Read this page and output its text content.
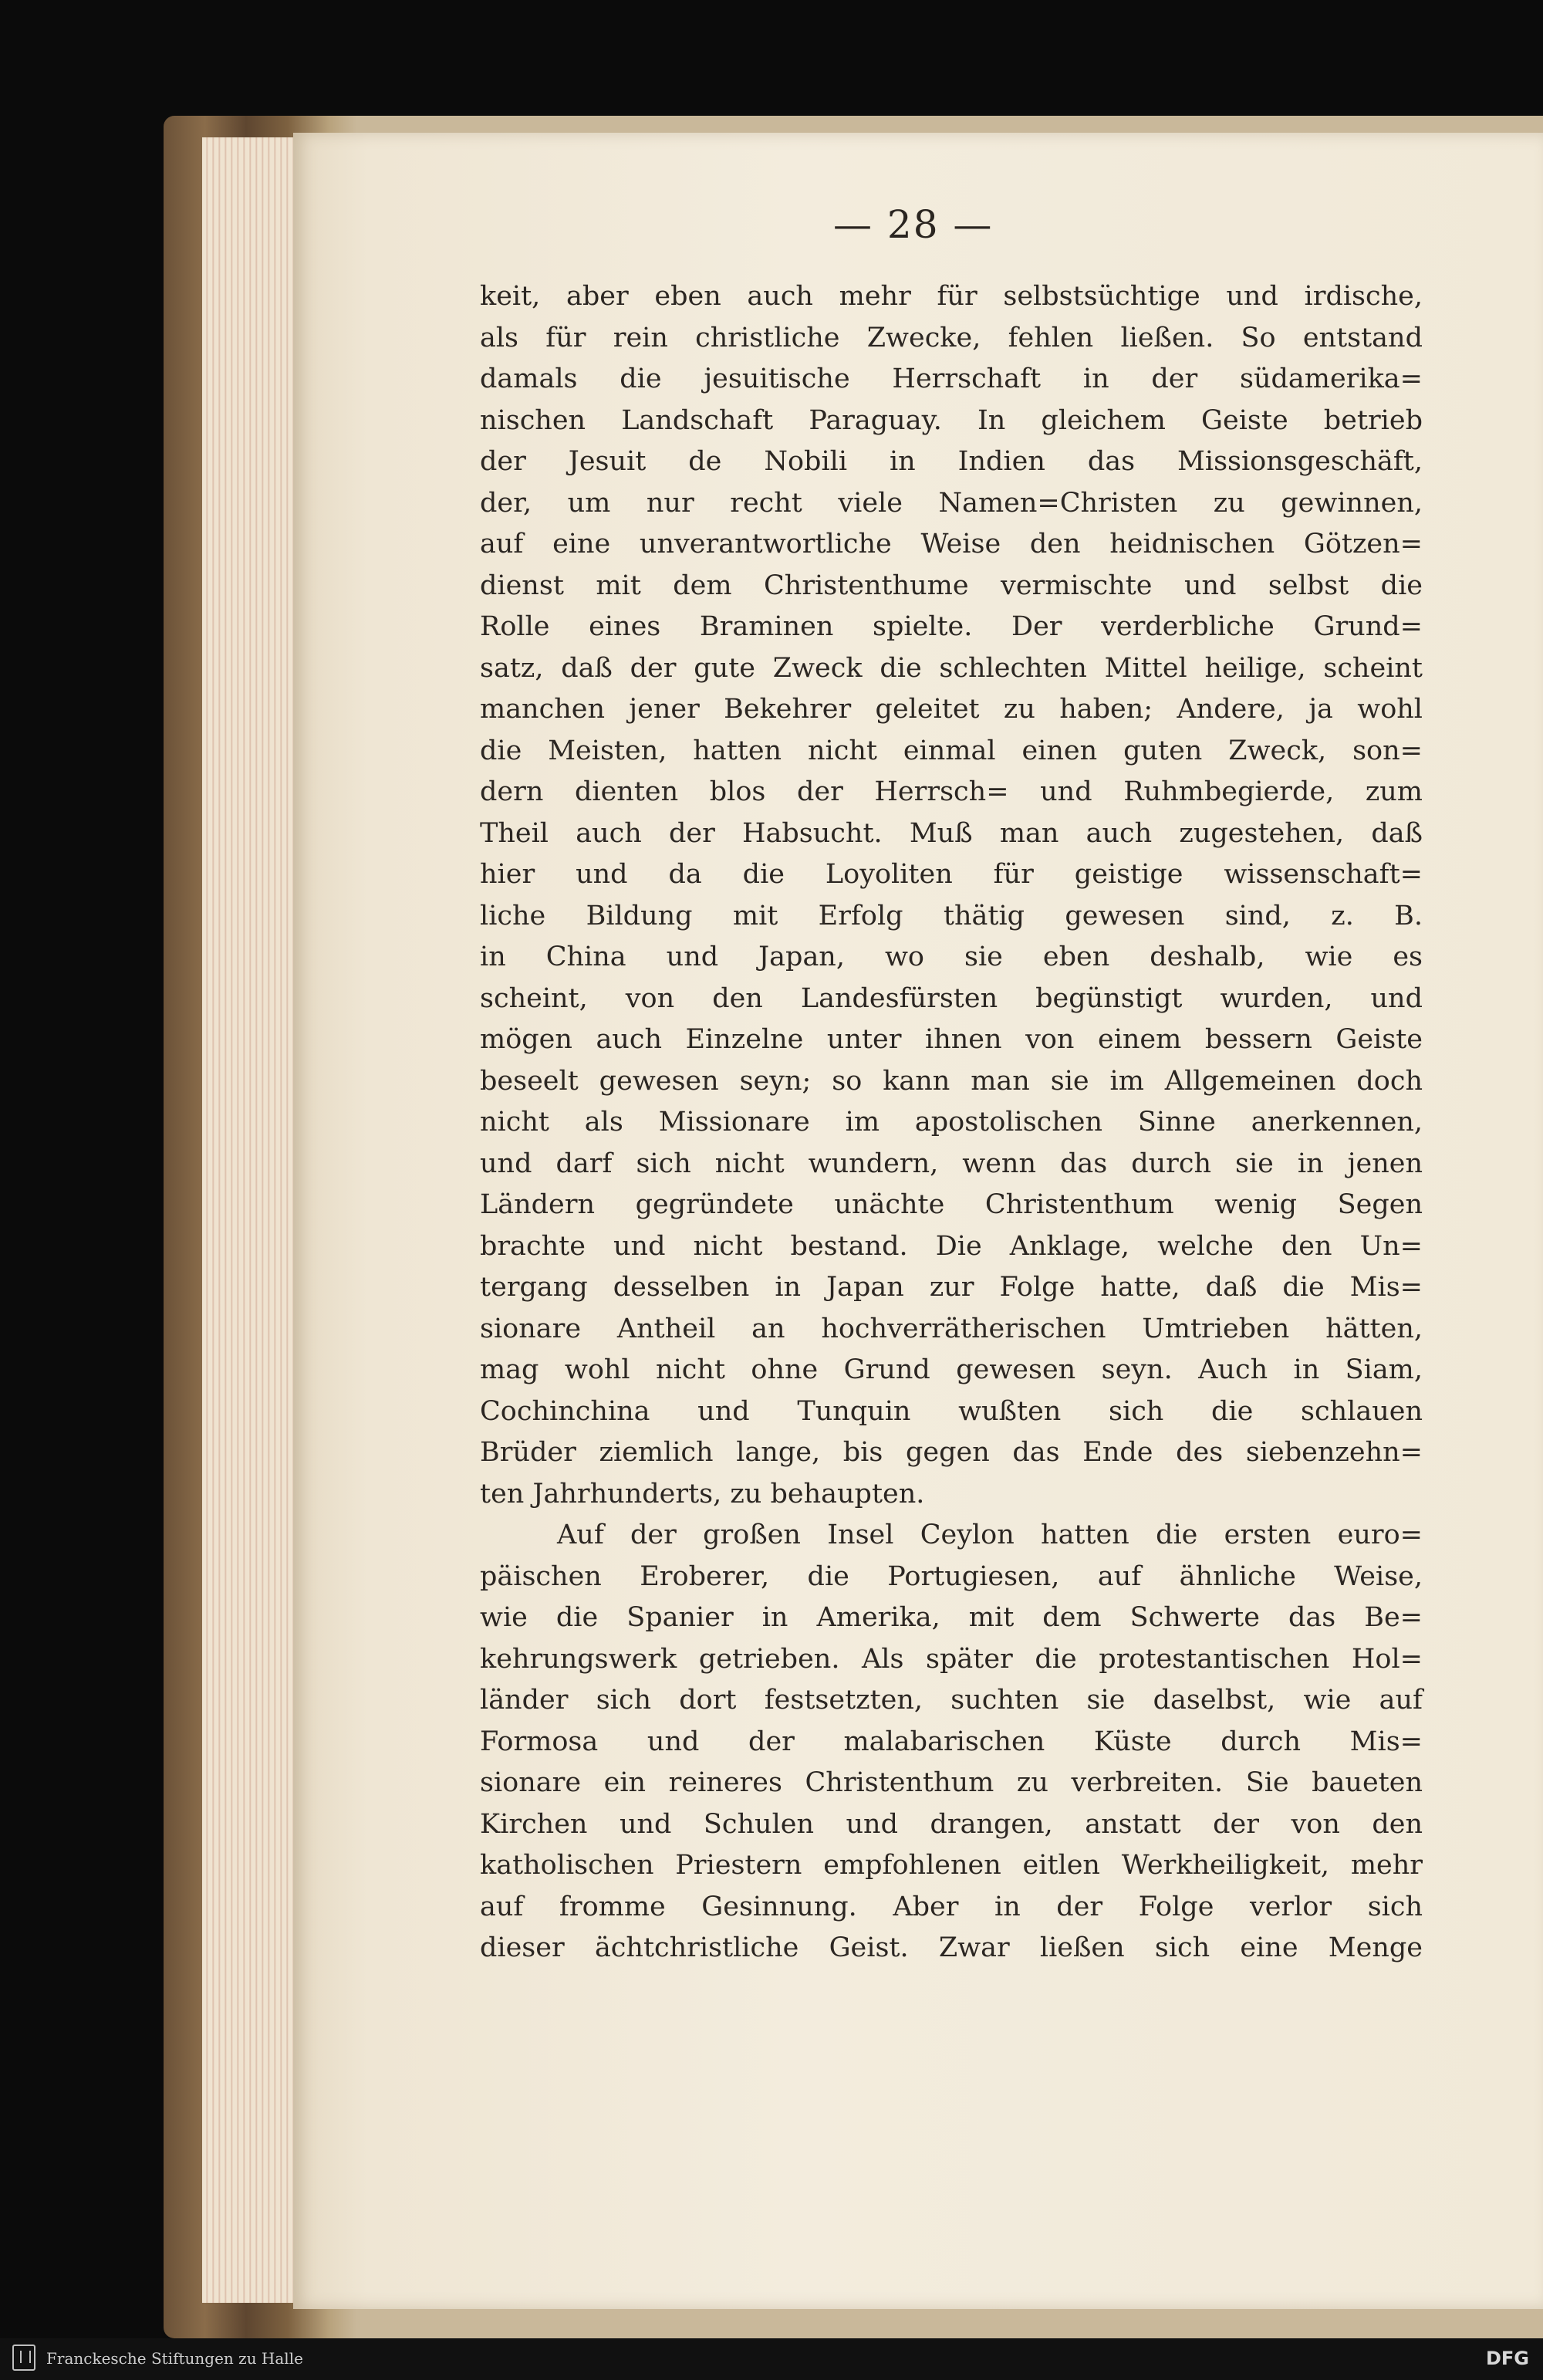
— 28 —
keit, aber eben auch mehr für selbstsüchtige und irdische,
als für rein christliche Zwecke, fehlen ließen. So entstand
damals die jesuitische Herrschaft in der südamerika=
nischen Landschaft Paraguay. In gleichem Geiste betrieb
der Jesuit de Nobili in Indien das Missionsgeschäft,
der, um nur recht viele Namen=Christen zu gewinnen,
auf eine unverantwortliche Weise den heidnischen Götzen=
dienst mit dem Christenthume vermischte und selbst die
Rolle eines Braminen spielte. Der verderbliche Grund=
satz, daß der gute Zweck die schlechten Mittel heilige, scheint
manchen jener Bekehrer geleitet zu haben; Andere, ja wohl
die Meisten, hatten nicht einmal einen guten Zweck, son=
dern dienten blos der Herrsch= und Ruhmbegierde, zum
Theil auch der Habsucht. Muß man auch zugestehen, daß
hier und da die Loyoliten für geistige wissenschaft=
liche Bildung mit Erfolg thätig gewesen sind, z. B.
in China und Japan, wo sie eben deshalb, wie es
scheint, von den Landesfürsten begünstigt wurden, und
mögen auch Einzelne unter ihnen von einem bessern Geiste
beseelt gewesen seyn; so kann man sie im Allgemeinen doch
nicht als Missionare im apostolischen Sinne anerkennen,
und darf sich nicht wundern, wenn das durch sie in jenen
Ländern gegründete unächte Christenthum wenig Segen
brachte und nicht bestand. Die Anklage, welche den Un=
tergang desselben in Japan zur Folge hatte, daß die Mis=
sionare Antheil an hochverrätherischen Umtrieben hätten,
mag wohl nicht ohne Grund gewesen seyn. Auch in Siam,
Cochinchina und Tunquin wußten sich die schlauen
Brüder ziemlich lange, bis gegen das Ende des siebenzehn=
ten Jahrhunderts, zu behaupten.
Auf der großen Insel Ceylon hatten die ersten euro=
päischen Eroberer, die Portugiesen, auf ähnliche Weise,
wie die Spanier in Amerika, mit dem Schwerte das Be=
kehrungswerk getrieben. Als später die protestantischen Hol=
länder sich dort festsetzten, suchten sie daselbst, wie auf
Formosa und der malabarischen Küste durch Mis=
sionare ein reineres Christenthum zu verbreiten. Sie baueten
Kirchen und Schulen und drangen, anstatt der von den
katholischen Priestern empfohlenen eitlen Werkheiligkeit, mehr
auf fromme Gesinnung. Aber in der Folge verlor sich
dieser ächtchristliche Geist. Zwar ließen sich eine Menge
Franckesche Stiftungen zu Halle	DFG
